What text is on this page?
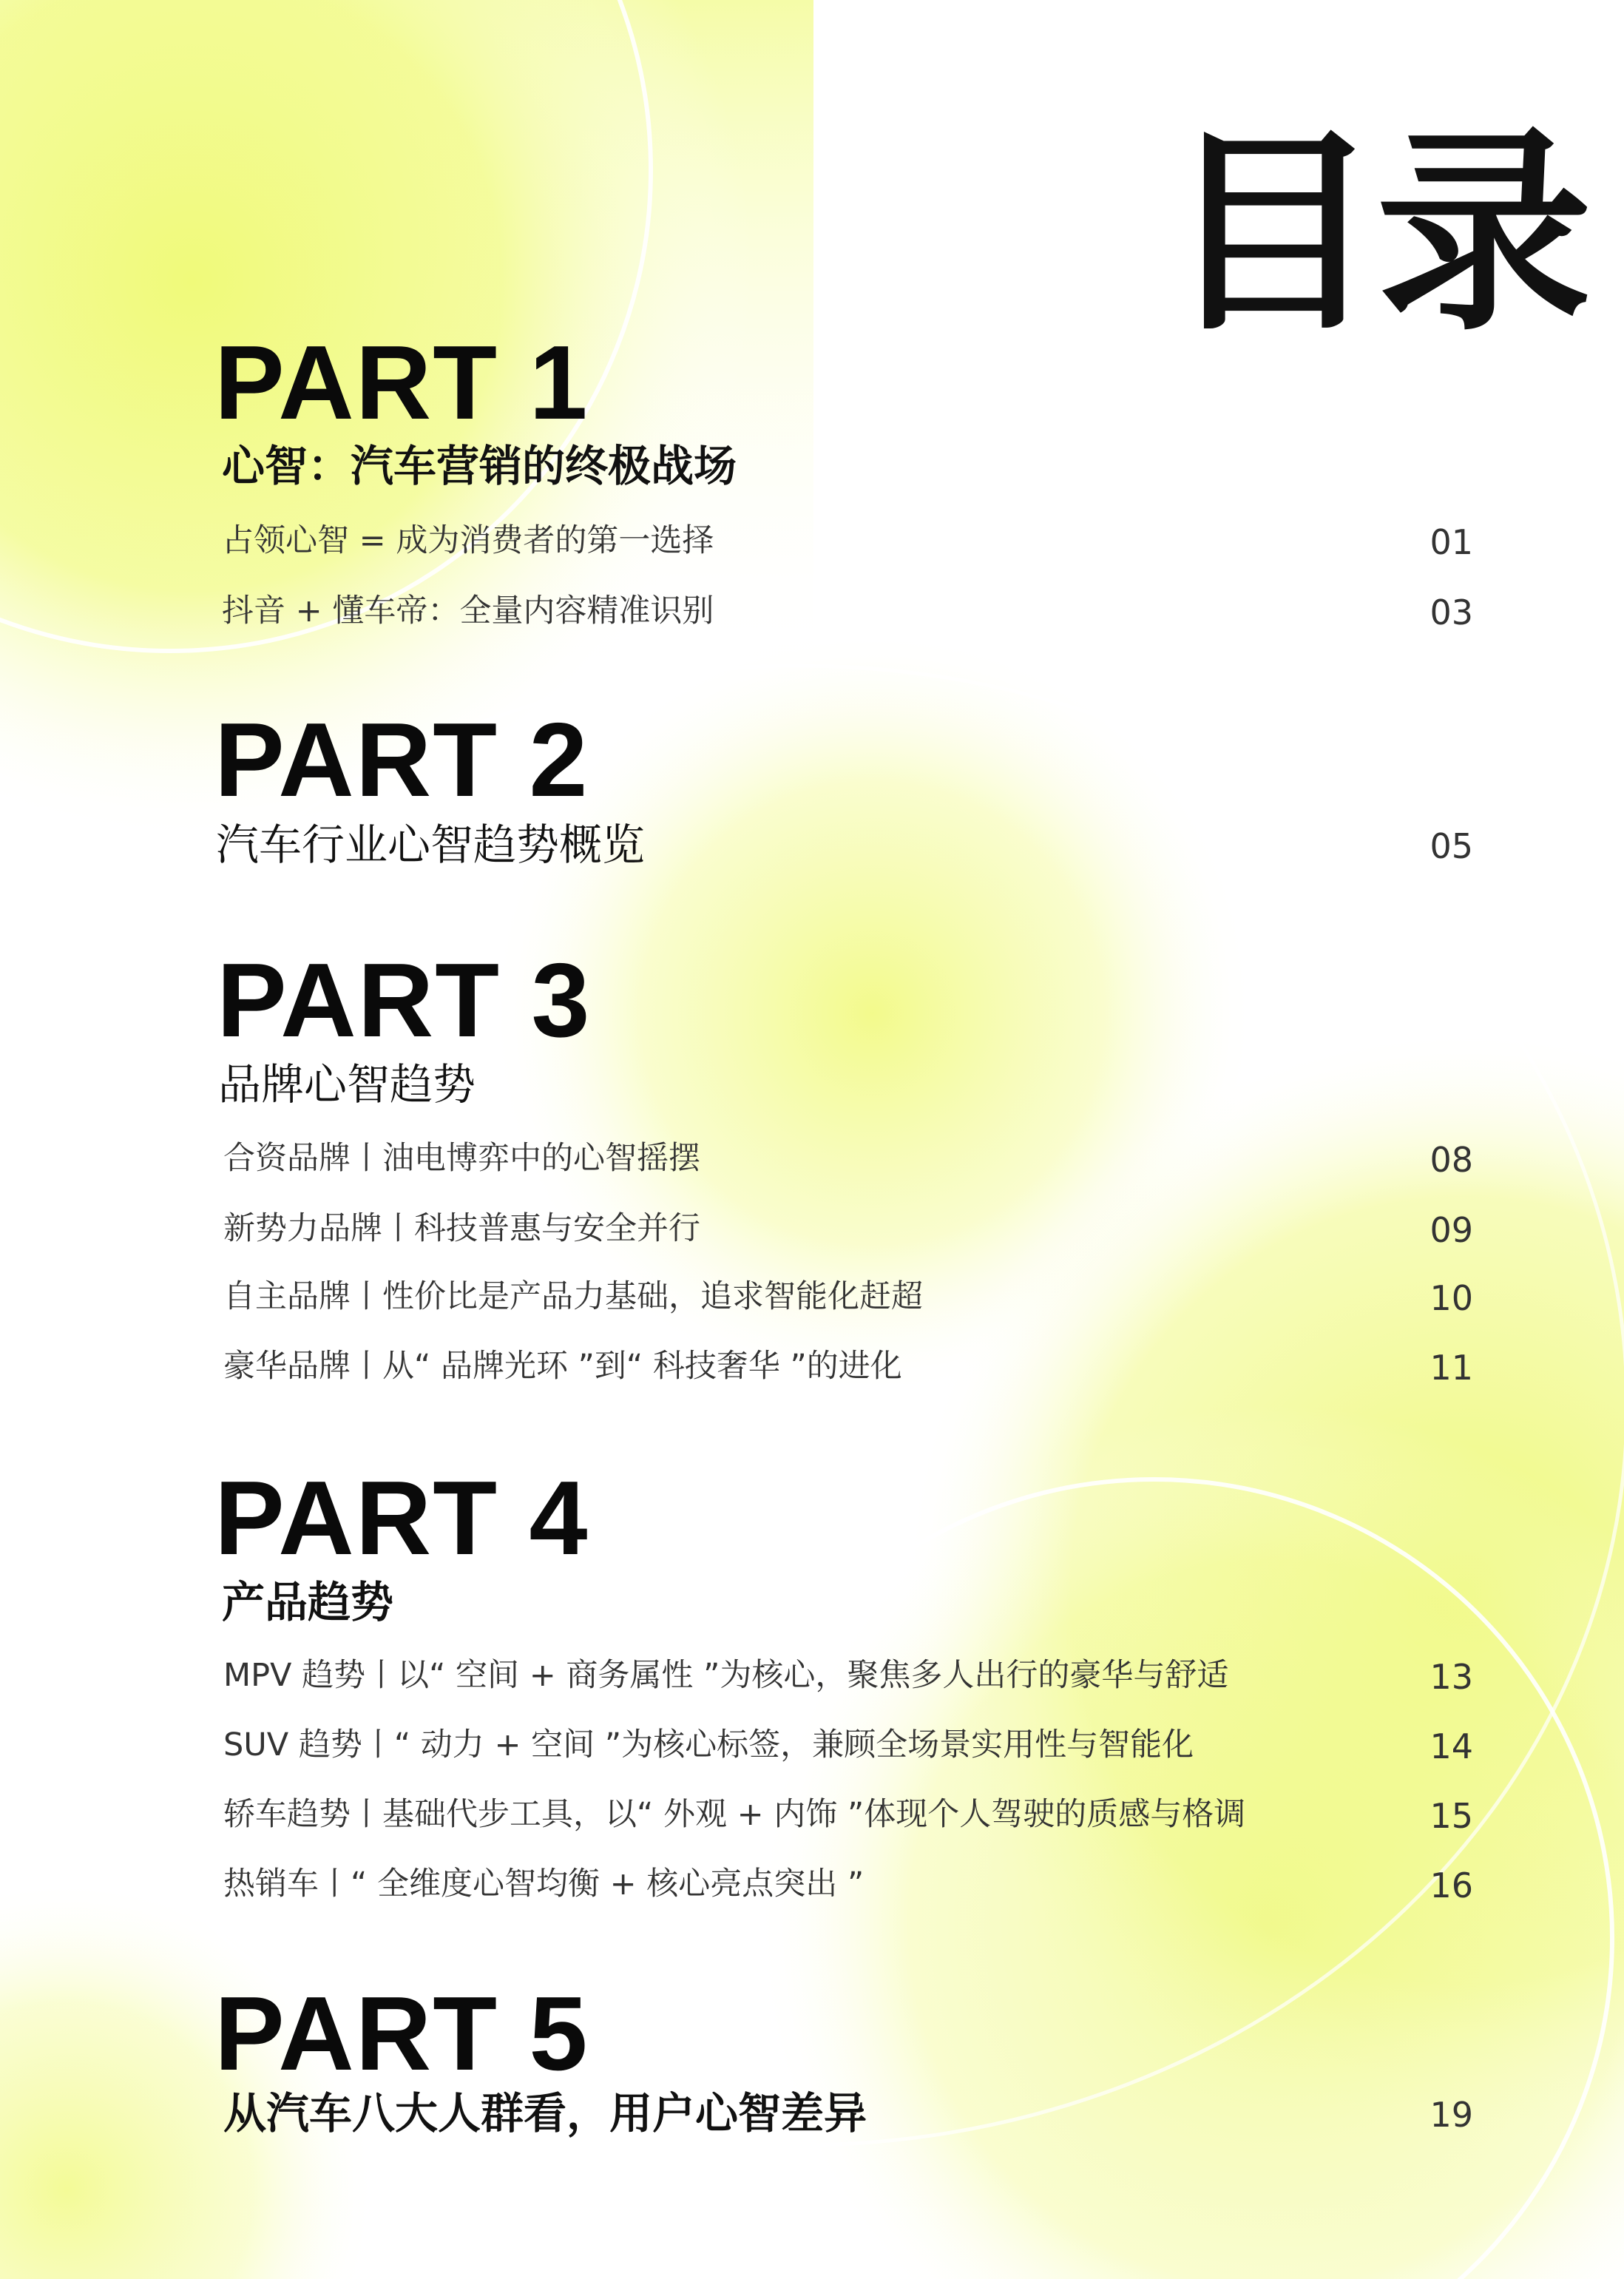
目录
PART 1
心智：汽车营销的终极战场
占领心智 = 成为消费者的第一选择	01
抖音 + 懂车帝：全量内容精准识别	03
PART 2
汽车行业心智趋势概览	05
PART 3
品牌心智趋势
合资品牌丨油电博弈中的心智摇摆	08
新势力品牌丨科技普惠与安全并行	09
自主品牌丨性价比是产品力基础，追求智能化赶超	10
豪华品牌丨从“ 品牌光环 ”到“ 科技奢华 ”的进化	11
PART 4
产品趋势
MPV 趋势丨以“ 空间 + 商务属性 ”为核心，聚焦多人出行的豪华与舒适	13
SUV 趋势丨“ 动力 + 空间 ”为核心标签，兼顾全场景实用性与智能化	14
轿车趋势丨基础代步工具，以“ 外观 + 内饰 ”体现个人驾驶的质感与格调	15
热销车丨“ 全维度心智均衡 + 核心亮点突出 ”	16
PART 5
从汽车八大人群看，用户心智差异	19
